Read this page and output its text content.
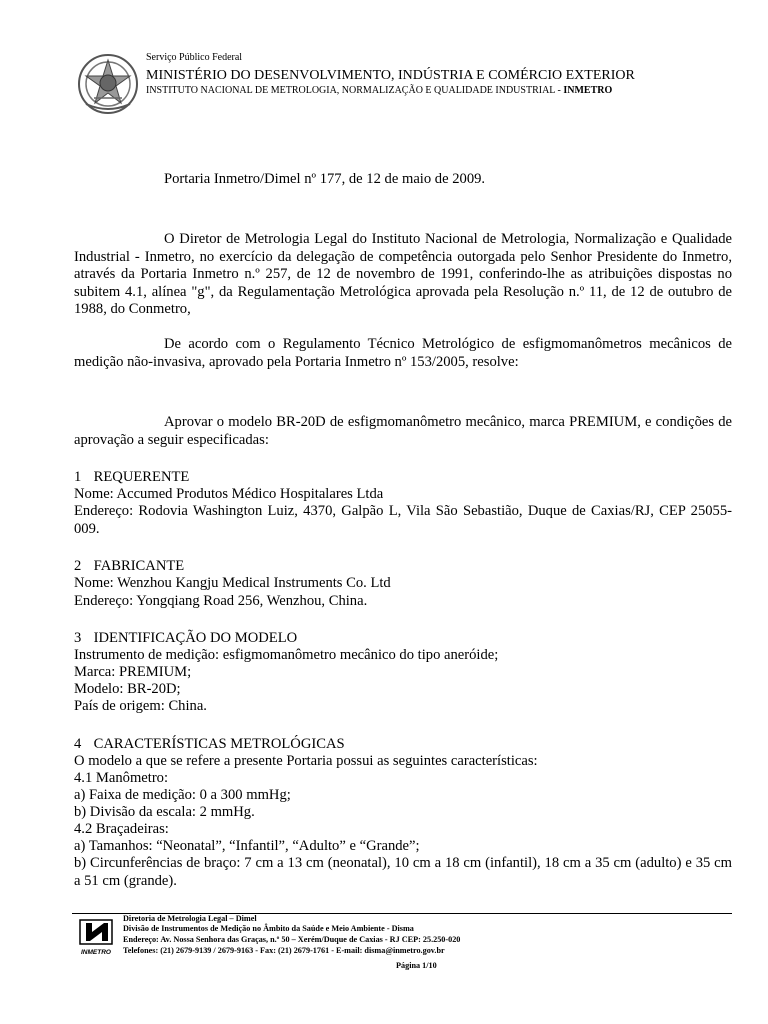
Serviço Público Federal
MINISTÉRIO DO DESENVOLVIMENTO, INDÚSTRIA E COMÉRCIO EXTERIOR
INSTITUTO NACIONAL DE METROLOGIA, NORMALIZAÇÃO E QUALIDADE INDUSTRIAL - INMETRO
Portaria Inmetro/Dimel nº 177, de 12 de maio de 2009.
O Diretor de Metrologia Legal do Instituto Nacional de Metrologia, Normalização e Qualidade Industrial - Inmetro, no exercício da delegação de competência outorgada pelo Senhor Presidente do Inmetro, através da Portaria Inmetro n.º 257, de 12 de novembro de 1991, conferindo-lhe as atribuições dispostas no subitem 4.1, alínea "g", da Regulamentação Metrológica aprovada pela Resolução n.º 11, de 12 de outubro de 1988, do Conmetro,
De acordo com o Regulamento Técnico Metrológico de esfigmomanômetros mecânicos de medição não-invasiva, aprovado pela Portaria Inmetro nº 153/2005, resolve:
Aprovar o modelo BR-20D de esfigmomanômetro mecânico, marca PREMIUM, e condições de aprovação a seguir especificadas:
1 REQUERENTE
Nome: Accumed Produtos Médico Hospitalares Ltda
Endereço: Rodovia Washington Luiz, 4370, Galpão L, Vila São Sebastião, Duque de Caxias/RJ, CEP 25055-009.
2 FABRICANTE
Nome: Wenzhou Kangju Medical Instruments Co. Ltd
Endereço: Yongqiang Road 256, Wenzhou, China.
3 IDENTIFICAÇÃO DO MODELO
Instrumento de medição: esfigmomanômetro mecânico do tipo aneróide;
Marca: PREMIUM;
Modelo: BR-20D;
País de origem: China.
4 CARACTERÍSTICAS METROLÓGICAS
O modelo a que se refere a presente Portaria possui as seguintes características:
4.1 Manômetro:
a) Faixa de medição: 0 a 300 mmHg;
b) Divisão da escala: 2 mmHg.
4.2 Braçadeiras:
a) Tamanhos: “Neonatal”, “Infantil”, “Adulto” e “Grande”;
b) Circunferências de braço: 7 cm a 13 cm (neonatal), 10 cm a 18 cm (infantil), 18 cm a 35 cm (adulto) e 35 cm a 51 cm (grande).
INMETRO
Diretoria de Metrologia Legal – Dimel
Divisão de Instrumentos de Medição no Âmbito da Saúde e Meio Ambiente - Disma
Endereço: Av. Nossa Senhora das Graças, n.º 50 – Xerém/Duque de Caxias - RJ CEP: 25.250-020
Telefones: (21) 2679-9139 / 2679-9163 - Fax: (21) 2679-1761 - E-mail: disma@inmetro.gov.br
Página 1/10
